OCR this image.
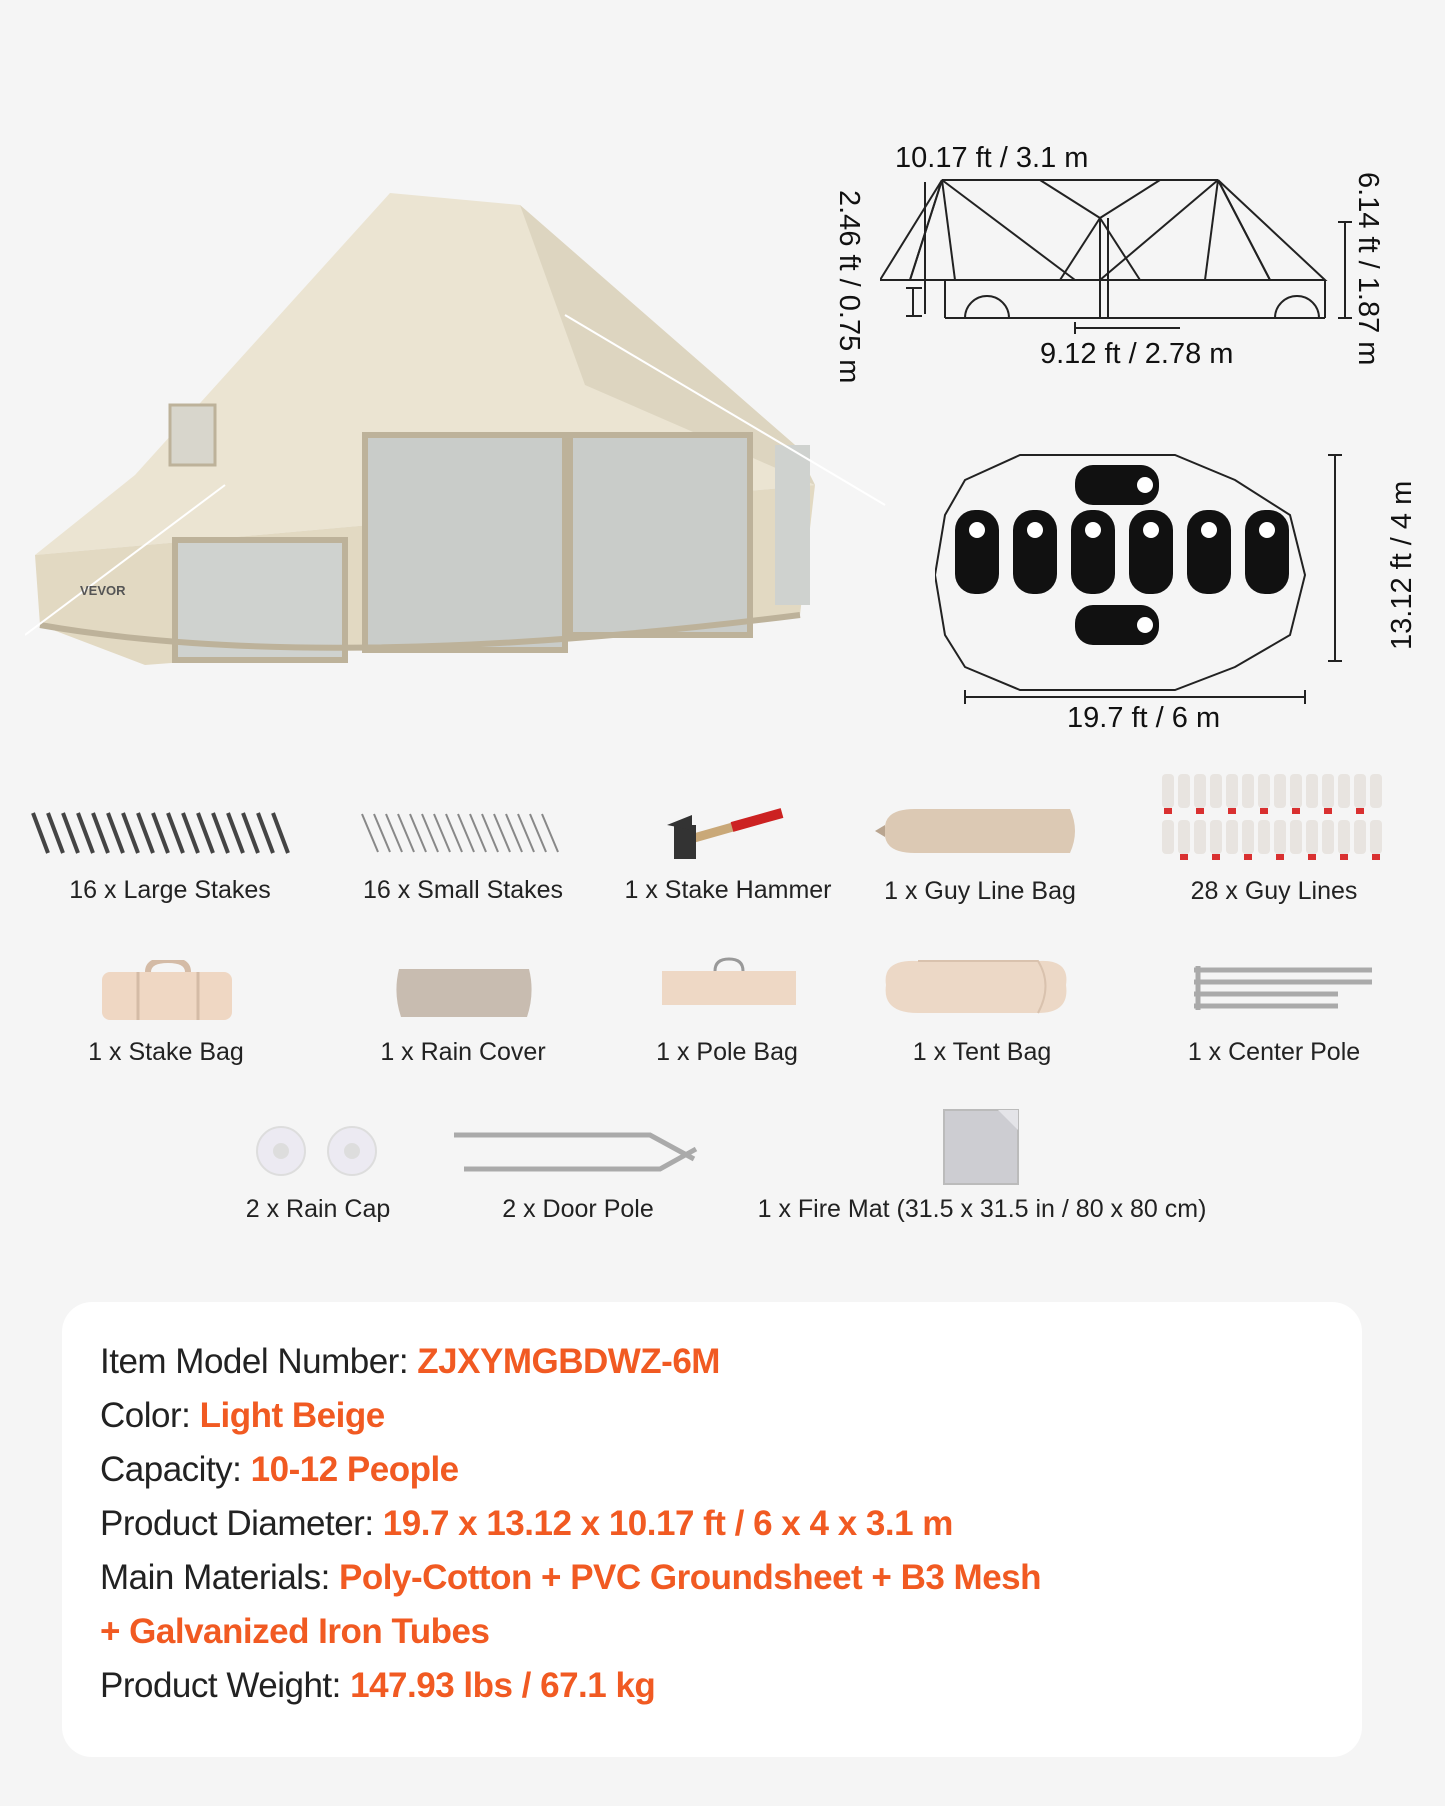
VEVOR
10.17 ft / 3.1 m
2.46 ft / 0.75 m	6.14 ft / 1.87 m
9.12 ft / 2.78 m
13.12 ft / 4 m
19.7 ft / 6 m
16 x Large Stakes	16 x Small Stakes 1 x Stake Hammer 1 x Guy Line Bag	28 x Guy Lines
1 x Stake Bag	1 x Rain Cover	1 x Pole Bag	1 x Tent Bag	1 x Center Pole
2 x Rain Cap	2 x Door Pole	1 x Fire Mat (31.5 x 31.5 in / 80 x 80 cm)
Item Model Number: ZJXYMGBDWZ-6M
Color: Light Beige
Capacity: 10-12 People
Product Diameter: 19.7 x 13.12 x 10.17 ft / 6 x 4 x 3.1 m
Main Materials: Poly-Cotton + PVC Groundsheet + B3 Mesh
+ Galvanized Iron Tubes
Product Weight: 147.93 lbs / 67.1 kg
